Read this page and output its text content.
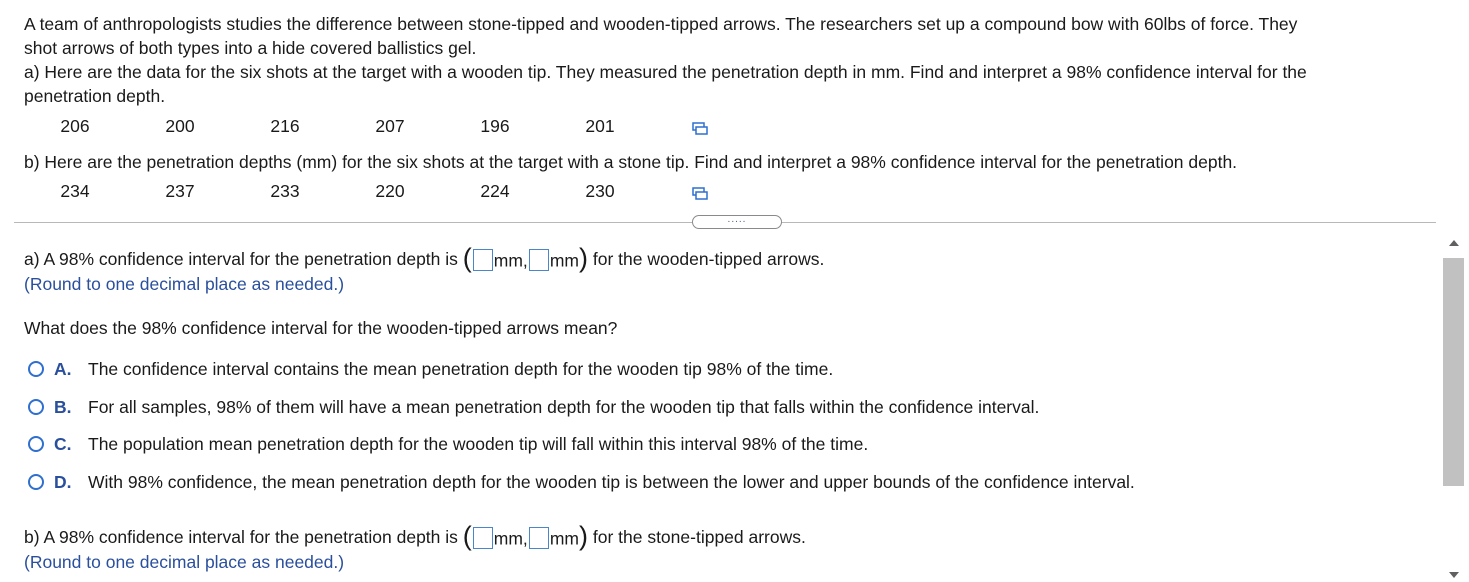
A team of anthropologists studies the difference between stone-tipped and wooden-tipped arrows. The researchers set up a compound bow with 60lbs of force. They

shot arrows of both types into a hide covered ballistics gel.

a) Here are the data for the six shots at the target with a wooden tip. They measured the penetration depth in mm. Find and interpret a 98% confidence interval for the

penetration depth.

206	200	216	207	196	201

b) Here are the penetration depths (mm) for the six shots at the target with a stone tip. Find and interpret a 98% confidence interval for the penetration depth.

234	237	233	220	224	230
.....
a) A 98% confidence interval for the penetration depth is ( mm, mm) for the wooden-tipped arrows.
(Round to one decimal place as needed.)
What does the 98% confidence interval for the wooden-tipped arrows mean?
A. The confidence interval contains the mean penetration depth for the wooden tip 98% of the time.
B. For all samples, 98% of them will have a mean penetration depth for the wooden tip that falls within the confidence interval.
C. The population mean penetration depth for the wooden tip will fall within this interval 98% of the time.
D. With 98% confidence, the mean penetration depth for the wooden tip is between the lower and upper bounds of the confidence interval.
b) A 98% confidence interval for the penetration depth is ( mm, mm) for the stone-tipped arrows.
(Round to one decimal place as needed.)
